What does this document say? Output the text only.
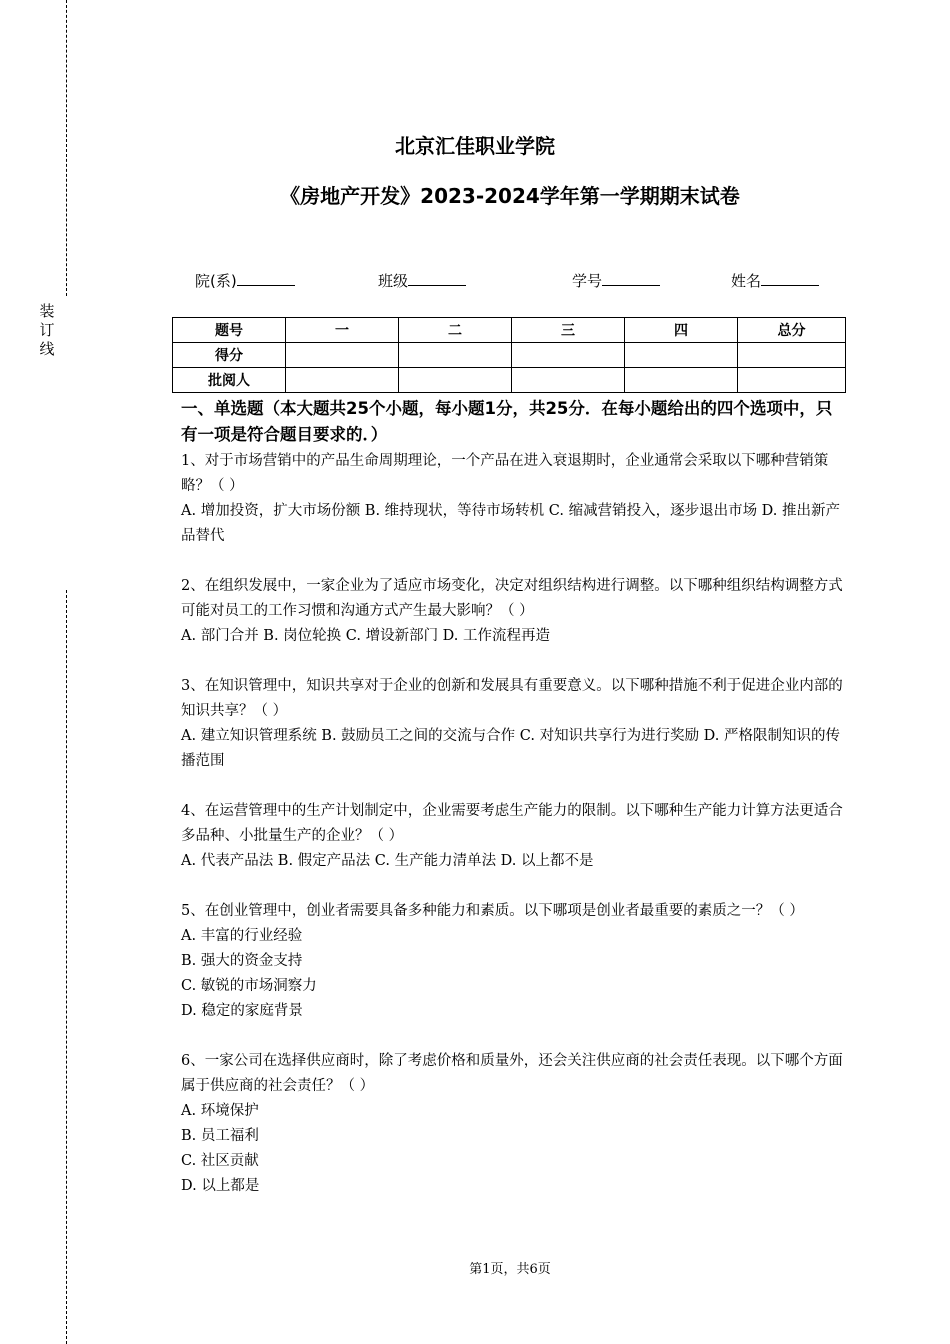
装
订
线
北京汇佳职业学院
《房地产开发》2023-2024学年第一学期期末试卷
院(系)	班级	学号	姓名
题号	一	二	三	四	总分
得分					
批阅人					
一、单选题（本大题共25个小题，每小题1分，共25分．在每小题给出的四个选项中，只有一项是符合题目要求的．）

1、对于市场营销中的产品生命周期理论，一个产品在进入衰退期时，企业通常会采取以下哪种营销策略？（ ）

A. 增加投资，扩大市场份额 B. 维持现状，等待市场转机 C. 缩减营销投入，逐步退出市场 D. 推出新产品替代

2、在组织发展中，一家企业为了适应市场变化，决定对组织结构进行调整。以下哪种组织结构调整方式可能对员工的工作习惯和沟通方式产生最大影响？（ ）

A. 部门合并 B. 岗位轮换 C. 增设新部门 D. 工作流程再造

3、在知识管理中，知识共享对于企业的创新和发展具有重要意义。以下哪种措施不利于促进企业内部的知识共享？（ ）

A. 建立知识管理系统 B. 鼓励员工之间的交流与合作 C. 对知识共享行为进行奖励 D. 严格限制知识的传播范围

4、在运营管理中的生产计划制定中，企业需要考虑生产能力的限制。以下哪种生产能力计算方法更适合多品种、小批量生产的企业？（ ）

A. 代表产品法 B. 假定产品法 C. 生产能力清单法 D. 以上都不是

5、在创业管理中，创业者需要具备多种能力和素质。以下哪项是创业者最重要的素质之一？（ ）

A. 丰富的行业经验

B. 强大的资金支持

C. 敏锐的市场洞察力

D. 稳定的家庭背景

6、一家公司在选择供应商时，除了考虑价格和质量外，还会关注供应商的社会责任表现。以下哪个方面属于供应商的社会责任？（ ）

A. 环境保护

B. 员工福利

C. 社区贡献

D. 以上都是

第1页，共6页
